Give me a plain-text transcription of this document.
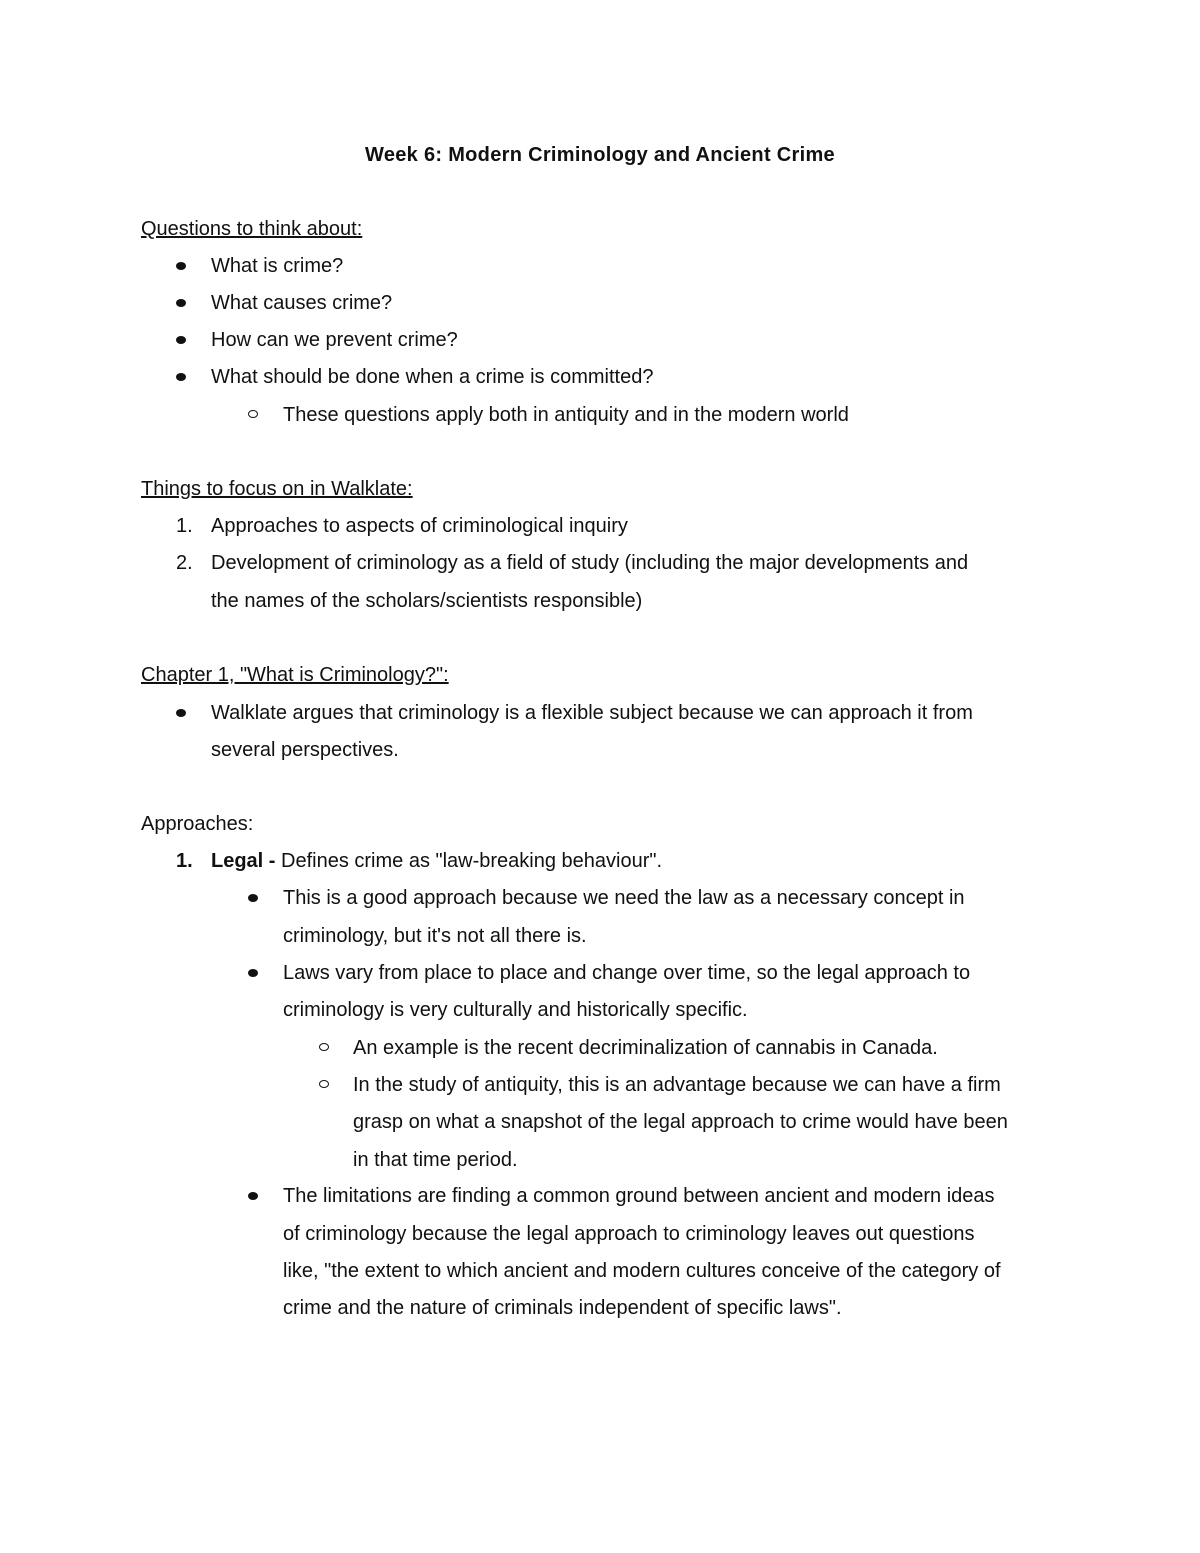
Week 6: Modern Criminology and Ancient Crime
Questions to think about:
What is crime?
What causes crime?
How can we prevent crime?
What should be done when a crime is committed?
These questions apply both in antiquity and in the modern world
Things to focus on in Walklate:
1. Approaches to aspects of criminological inquiry
2. Development of criminology as a field of study (including the major developments and
the names of the scholars/scientists responsible)
Chapter 1, "What is Criminology?":
Walklate argues that criminology is a flexible subject because we can approach it from
several perspectives.
Approaches:
1. Legal - Defines crime as "law-breaking behaviour".
This is a good approach because we need the law as a necessary concept in
criminology, but it's not all there is.
Laws vary from place to place and change over time, so the legal approach to
criminology is very culturally and historically specific.
An example is the recent decriminalization of cannabis in Canada.
In the study of antiquity, this is an advantage because we can have a firm
grasp on what a snapshot of the legal approach to crime would have been
in that time period.
The limitations are finding a common ground between ancient and modern ideas
of criminology because the legal approach to criminology leaves out questions
like, "the extent to which ancient and modern cultures conceive of the category of
crime and the nature of criminals independent of specific laws".
